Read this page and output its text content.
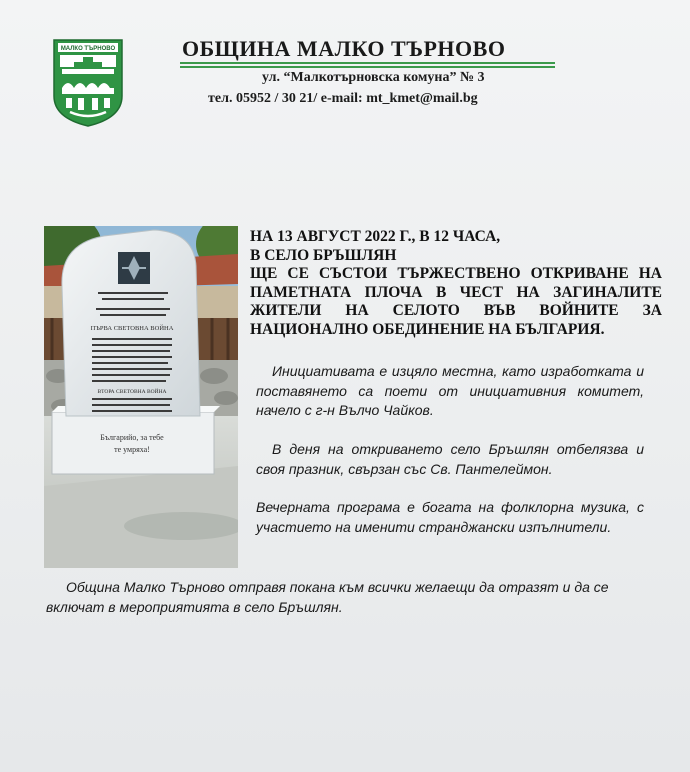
МАЛКО ТЪРНОВО	ОБЩИНА МАЛКО ТЪРНОВО
ул. “Малкотърновска комуна” № 3
тел. 05952 / 30 21/ e-mail: mt_kmet@mail.bg
ПЪРВА СВЕТОВНА ВОЙНА
ВТОРА СВЕТОВНА ВОЙНА
Българийо, за тебе
те умряха!
НА 13 АВГУСТ 2022 Г., В 12 ЧАСА,
В СЕЛО БРЪШЛЯН
ЩЕ СЕ СЪСТОИ ТЪРЖЕСТВЕНО ОТКРИВАНЕ НА
ПАМЕТНАТА ПЛОЧА В ЧЕСТ НА ЗАГИНАЛИТЕ
ЖИТЕЛИ НА СЕЛОТО ВЪВ ВОЙНИТЕ ЗА
НАЦИОНАЛНО ОБЕДИНЕНИЕ НА БЪЛГАРИЯ.
Инициативата е изцяло местна, като изработката и поставянето са поети от инициативния комитет, начело с г-н Вълчо Чайков.
В деня на откриването село Бръшлян отбелязва и своя празник, свързан със Св. Пантелеймон.
Вечерната програма е богата на фолклорна музика, с участието на именити странджански изпълнители.
Община Малко Търново отправя покана към всички желаещи да отразят и да се включат в мероприятията в село Бръшлян.
